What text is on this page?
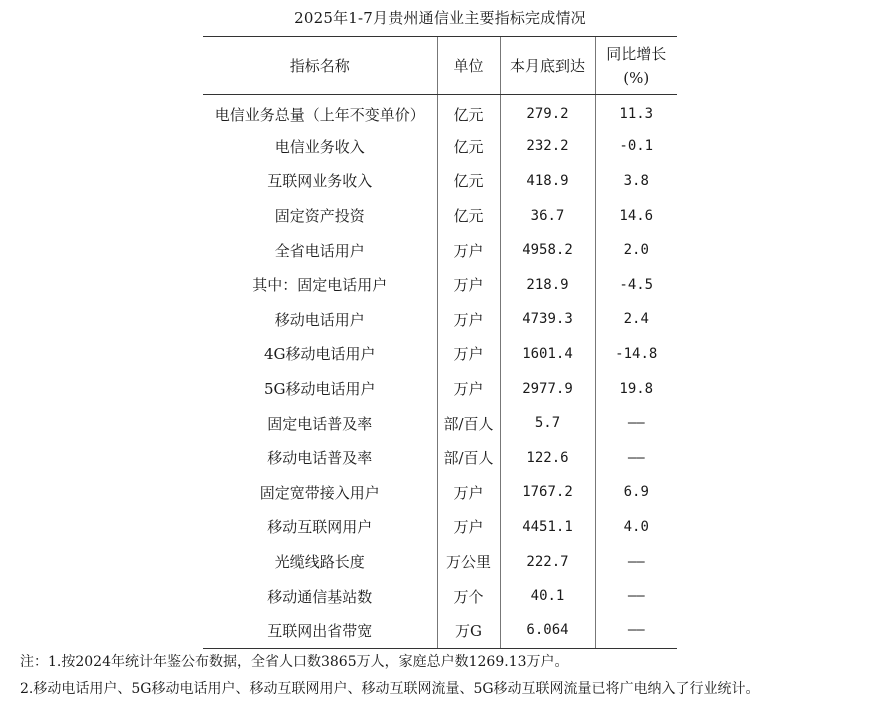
2025年1-7月贵州通信业主要指标完成情况
指标名称	单位	本月底到达	同比增长
(%)

电信业务总量（上年不变单价）	亿元	279.2	11.3
电信业务收入	亿元	232.2	-0.1
互联网业务收入	亿元	418.9	3.8
固定资产投资	亿元	36.7	14.6
全省电话用户	万户	4958.2	2.0
其中：固定电话用户	万户	218.9	-4.5
移动电话用户	万户	4739.3	2.4
4G移动电话用户	万户	1601.4	-14.8
5G移动电话用户	万户	2977.9	19.8
固定电话普及率	部/百人	5.7	——
移动电话普及率	部/百人	122.6	——
固定宽带接入用户	万户	1767.2	6.9
移动互联网用户	万户	4451.1	4.0
光缆线路长度	万公里	222.7	——
移动通信基站数	万个	40.1	——
互联网出省带宽	万G	6.064	——
注：1.按2024年统计年鉴公布数据，全省人口数3865万人，家庭总户数1269.13万户。
2.移动电话用户、5G移动电话用户、移动互联网用户、移动互联网流量、5G移动互联网流量已将广电纳入了行业统计。
